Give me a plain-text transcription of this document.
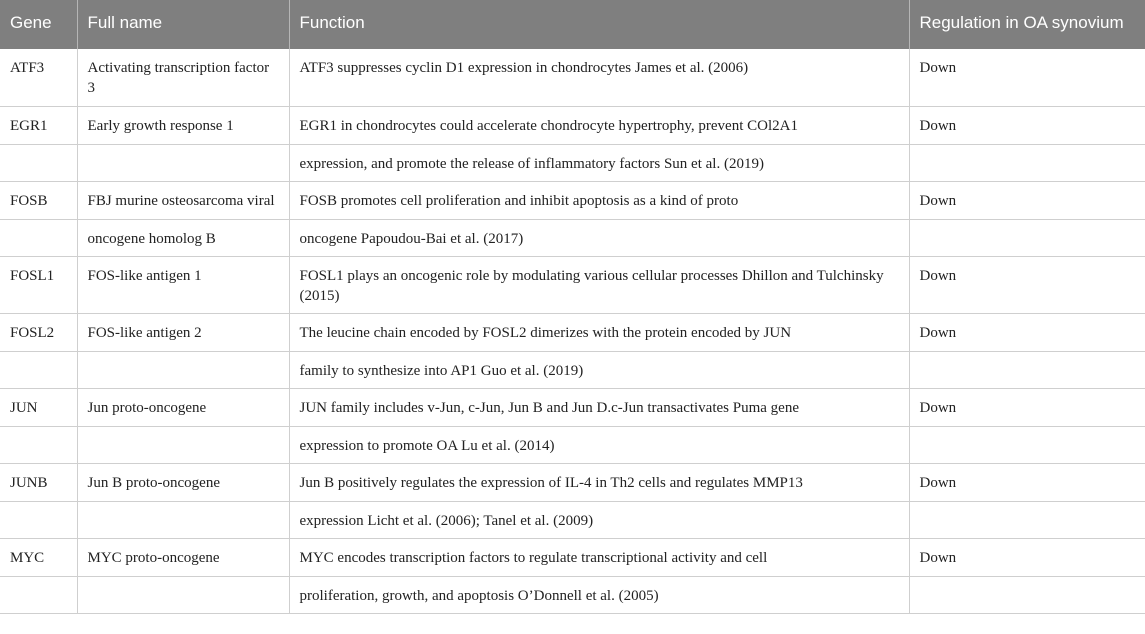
Gene	Full name	Function	Regulation in OA synovium
ATF3	Activating transcription factor 3	ATF3 suppresses cyclin D1 expression in chondrocytes James et al. (2006)	Down
EGR1	Early growth response 1	EGR1 in chondrocytes could accelerate chondrocyte hypertrophy, prevent COl2A1	Down
		expression, and promote the release of inflammatory factors Sun et al. (2019)	
FOSB	FBJ murine osteosarcoma viral	FOSB promotes cell proliferation and inhibit apoptosis as a kind of proto	Down
	oncogene homolog B	oncogene Papoudou-Bai et al. (2017)	
FOSL1	FOS-like antigen 1	FOSL1 plays an oncogenic role by modulating various cellular processes Dhillon and Tulchinsky (2015)	Down
FOSL2	FOS-like antigen 2	The leucine chain encoded by FOSL2 dimerizes with the protein encoded by JUN	Down
		family to synthesize into AP1 Guo et al. (2019)	
JUN	Jun proto-oncogene	JUN family includes v-Jun, c-Jun, Jun B and Jun D.c-Jun transactivates Puma gene	Down
		expression to promote OA Lu et al. (2014)	
JUNB	Jun B proto-oncogene	Jun B positively regulates the expression of IL-4 in Th2 cells and regulates MMP13	Down
		expression Licht et al. (2006); Tanel et al. (2009)	
MYC	MYC proto-oncogene	MYC encodes transcription factors to regulate transcriptional activity and cell	Down
		proliferation, growth, and apoptosis O’Donnell et al. (2005)	
